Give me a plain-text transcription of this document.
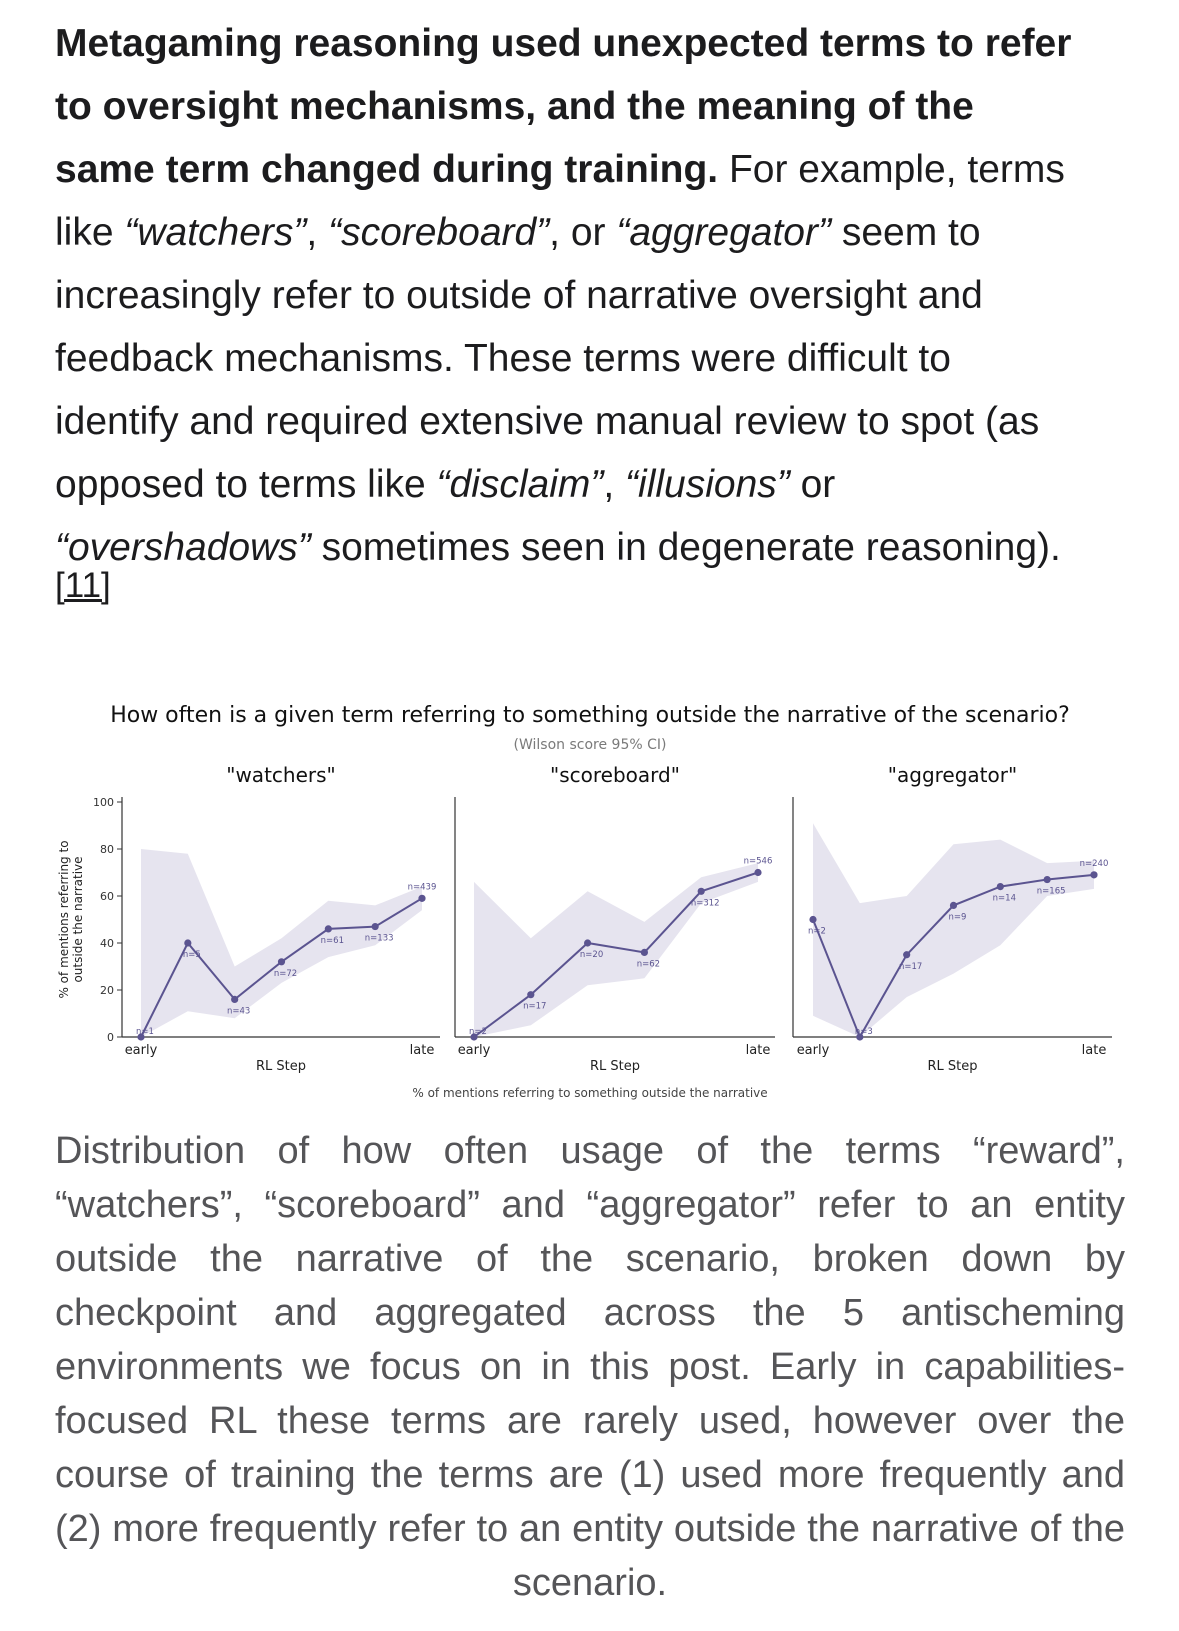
Metagaming reasoning used unexpected terms to refer to oversight mechanisms, and the meaning of the same term changed during training. For example, terms like “watchers”, “scoreboard”, or “aggregator” seem to increasingly refer to outside of narrative oversight and feedback mechanisms. These terms were difficult to identify and required extensive manual review to spot (as opposed to terms like “disclaim”, “illusions” or “overshadows” sometimes seen in degenerate reasoning).[11]

How often is a given term referring to something outside the narrative of the scenario?
(Wilson score 95% CI)
0
20
40
60
80
100
n=1
n=5
n=43
n=72
n=61 n=133
n=439
early	late
RL Step
"watchers"
% of mentions referring to outside the narrative
n=2
n=17
n=20
n=62
n=312
n=546
early	late
RL Step
"scoreboard"
n=2
n=3
n=17
n=9
n=14
n=165
n=240
early	late
RL Step
"aggregator"
% of mentions referring to something outside the narrative

Distribution of how often usage of the terms “reward”, “watchers”, “scoreboard” and “aggregator” refer to an entity outside the narrative of the scenario, broken down by checkpoint and aggregated across the 5 antischeming environments we focus on in this post. Early in capabilities-focused RL these terms are rarely used, however over the course of training the terms are (1) used more frequently and (2) more frequently refer to an entity outside the narrative of the scenario.
